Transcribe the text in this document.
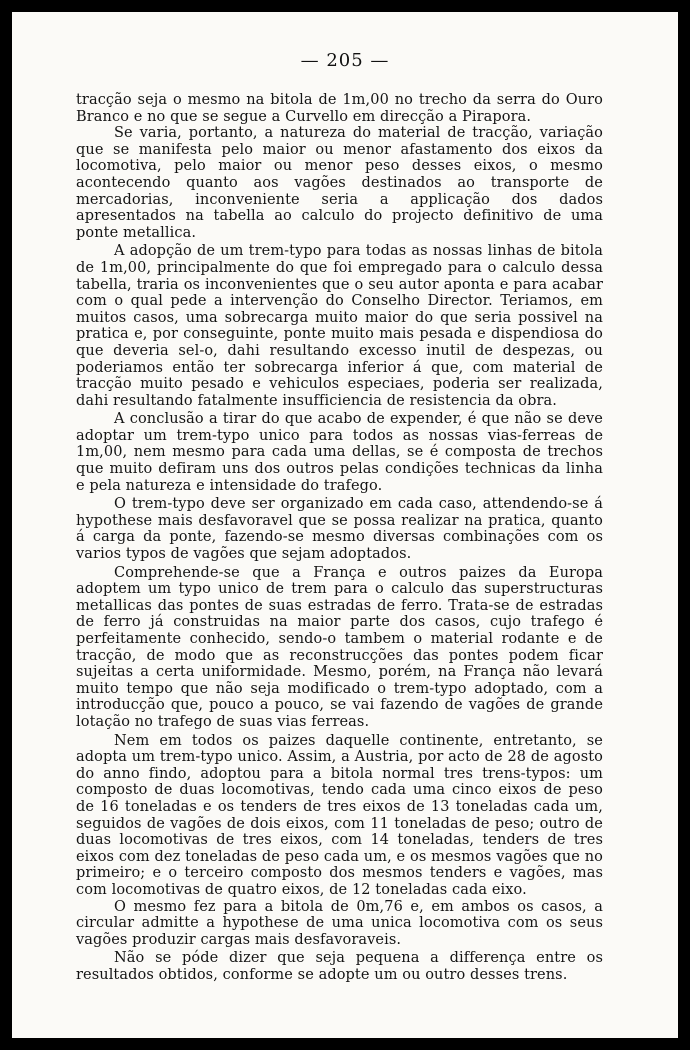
— 205 —

tracção seja o mesmo na bitola de 1m,00 no trecho da serra do Ouro Branco e no que se segue a Curvello em direcção a Pirapora.

Se varia, portanto, a natureza do material de tracção, variação que se manifesta pelo maior ou menor afastamento dos eixos da locomotiva, pelo maior ou menor peso desses eixos, o mesmo acontecendo quanto aos vagões destinados ao transporte de mercadorias, inconveniente seria a applicação dos dados apresentados na tabella ao calculo do projecto definitivo de uma ponte metallica.

A adopção de um trem-typo para todas as nossas linhas de bitola de 1m,00, principalmente do que foi empregado para o calculo dessa tabella, traria os inconvenientes que o seu autor aponta e para acabar com o qual pede a intervenção do Conselho Director. Teriamos, em muitos casos, uma sobrecarga muito maior do que seria possivel na pratica e, por conseguinte, ponte muito mais pesada e dispendiosa do que deveria sel-o, dahi resultando excesso inutil de despezas, ou poderiamos então ter sobrecarga inferior á que, com material de tracção muito pesado e vehiculos especiaes, poderia ser realizada, dahi resultando fatalmente insufficiencia de resistencia da obra.

A conclusão a tirar do que acabo de expender, é que não se deve adoptar um trem-typo unico para todos as nossas vias-ferreas de 1m,00, nem mesmo para cada uma dellas, se é composta de trechos que muito defiram uns dos outros pelas condições technicas da linha e pela natureza e intensidade do trafego.

O trem-typo deve ser organizado em cada caso, attendendo-se á hypothese mais desfavoravel que se possa realizar na pratica, quanto á carga da ponte, fazendo-se mesmo diversas combinações com os varios typos de vagões que sejam adoptados.

Comprehende-se que a França e outros paizes da Europa adoptem um typo unico de trem para o calculo das superstructuras metallicas das pontes de suas estradas de ferro. Trata-se de estradas de ferro já construidas na maior parte dos casos, cujo trafego é perfeitamente conhecido, sendo-o tambem o material rodante e de tracção, de modo que as reconstrucções das pontes podem ficar sujeitas a certa uniformidade. Mesmo, porém, na França não levará muito tempo que não seja modificado o trem-typo adoptado, com a introducção que, pouco a pouco, se vai fazendo de vagões de grande lotação no trafego de suas vias ferreas.

Nem em todos os paizes daquelle continente, entretanto, se adopta um trem-typo unico. Assim, a Austria, por acto de 28 de agosto do anno findo, adoptou para a bitola normal tres trens-typos: um composto de duas locomotivas, tendo cada uma cinco eixos de peso de 16 toneladas e os tenders de tres eixos de 13 toneladas cada um, seguidos de vagões de dois eixos, com 11 toneladas de peso; outro de duas locomotivas de tres eixos, com 14 toneladas, tenders de tres eixos com dez toneladas de peso cada um, e os mesmos vagões que no primeiro; e o terceiro composto dos mesmos tenders e vagões, mas com locomotivas de quatro eixos, de 12 toneladas cada eixo.

O mesmo fez para a bitola de 0m,76 e, em ambos os casos, a circular admitte a hypothese de uma unica locomotiva com os seus vagões produzir cargas mais desfavoraveis.

Não se póde dizer que seja pequena a differença entre os resultados obtidos, conforme se adopte um ou outro desses trens.
